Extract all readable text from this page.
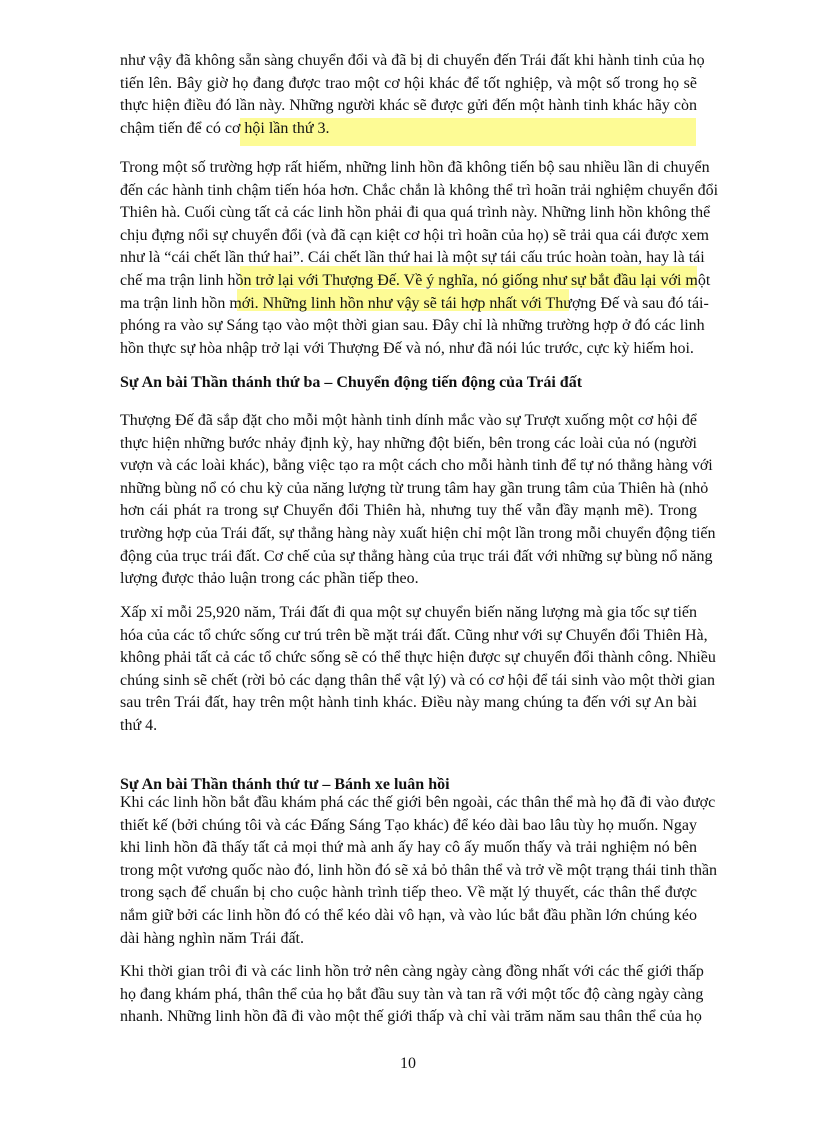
như vậy đã không sẵn sàng chuyển đổi và đã bị di chuyển đến Trái đất khi hành tinh của họ
tiến lên. Bây giờ họ đang được trao một cơ hội khác để tốt nghiệp, và một số trong họ sẽ
thực hiện điều đó lần này. Những người khác sẽ được gửi đến một hành tinh khác hãy còn
chậm tiến để có cơ hội lần thứ 3.
Trong một số trường hợp rất hiếm, những linh hồn đã không tiến bộ sau nhiều lần di chuyển
đến các hành tinh chậm tiến hóa hơn. Chắc chắn là không thể trì hoãn trải nghiệm chuyển đổi
Thiên hà. Cuối cùng tất cả các linh hồn phải đi qua quá trình này. Những linh hồn không thể
chịu đựng nổi sự chuyển đổi (và đã cạn kiệt cơ hội trì hoãn của họ) sẽ trải qua cái được xem
như là “cái chết lần thứ hai”. Cái chết lần thứ hai là một sự tái cấu trúc hoàn toàn, hay là tái
chế ma trận linh hồn trở lại với Thượng Đế. Về ý nghĩa, nó giống như sự bắt đầu lại với một
ma trận linh hồn mới. Những linh hồn như vậy sẽ tái hợp nhất với Thượng Đế và sau đó tái-
phóng ra vào sự Sáng tạo vào một thời gian sau. Đây chỉ là những trường hợp ở đó các linh
hồn thực sự hòa nhập trở lại với Thượng Đế và nó, như đã nói lúc trước, cực kỳ hiếm hoi.
Sự An bài Thần thánh thứ ba – Chuyển động tiến động của Trái đất
Thượng Đế đã sắp đặt cho mỗi một hành tinh dính mắc vào sự Trượt xuống một cơ hội để
thực hiện những bước nhảy định kỳ, hay những đột biến, bên trong các loài của nó (người
vượn và các loài khác), bằng việc tạo ra một cách cho mỗi hành tinh để tự nó thẳng hàng với
những bùng nổ có chu kỳ của năng lượng từ trung tâm hay gần trung tâm của Thiên hà (nhỏ
hơn cái phát ra trong sự Chuyển đổi Thiên hà, nhưng tuy thế vẫn đầy mạnh mẽ). Trong
trường hợp của Trái đất, sự thẳng hàng này xuất hiện chỉ một lần trong mỗi chuyển động tiến
động của trục trái đất. Cơ chế của sự thẳng hàng của trục trái đất với những sự bùng nổ năng
lượng được thảo luận trong các phần tiếp theo.
Xấp xỉ mỗi 25,920 năm, Trái đất đi qua một sự chuyển biến năng lượng mà gia tốc sự tiến
hóa của các tổ chức sống cư trú trên bề mặt trái đất. Cũng như với sự Chuyển đổi Thiên Hà,
không phải tất cả các tổ chức sống sẽ có thể thực hiện được sự chuyển đổi thành công. Nhiều
chúng sinh sẽ chết (rời bỏ các dạng thân thể vật lý) và có cơ hội để tái sinh vào một thời gian
sau trên Trái đất, hay trên một hành tinh khác. Điều này mang chúng ta đến với sự An bài
thứ 4.
Sự An bài Thần thánh thứ tư – Bánh xe luân hồi
Khi các linh hồn bắt đầu khám phá các thế giới bên ngoài, các thân thể mà họ đã đi vào được
thiết kế (bởi chúng tôi và các Đấng Sáng Tạo khác) để kéo dài bao lâu tùy họ muốn. Ngay
khi linh hồn đã thấy tất cả mọi thứ mà anh ấy hay cô ấy muốn thấy và trải nghiệm nó bên
trong một vương quốc nào đó, linh hồn đó sẽ xả bỏ thân thể và trở về một trạng thái tinh thần
trong sạch để chuẩn bị cho cuộc hành trình tiếp theo. Về mặt lý thuyết, các thân thể được
nắm giữ bởi các linh hồn đó có thể kéo dài vô hạn, và vào lúc bắt đầu phần lớn chúng kéo
dài hàng nghìn năm Trái đất.
Khi thời gian trôi đi và các linh hồn trở nên càng ngày càng đồng nhất với các thế giới thấp
họ đang khám phá, thân thể của họ bắt đầu suy tàn và tan rã với một tốc độ càng ngày càng
nhanh. Những linh hồn đã đi vào một thế giới thấp và chỉ vài trăm năm sau thân thể của họ
10
